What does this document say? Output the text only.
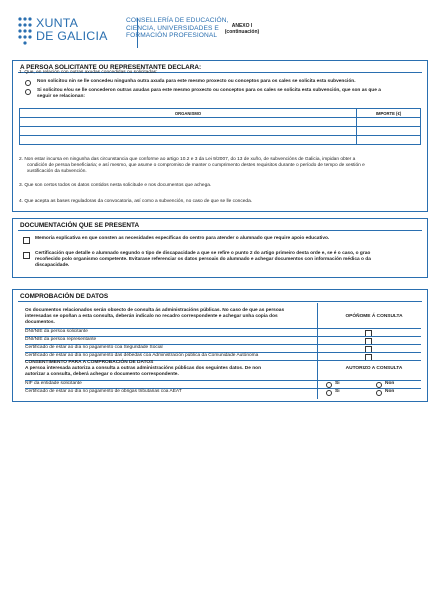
XUNTA
DE GALICIA
CONSELLERÍA DE EDUCACIÓN,
CIENCIA, UNIVERSIDADES E
FORMACIÓN PROFESIONAL
ANEXO I
(continuación)
A PERSOA SOLICITANTE OU REPRESENTANTE DECLARA:
1. Que, en relación con outras axudas concedidas ou solicitadas:
Non solicitou nin se lle concedeu ningunha outra axuda para este mesmo proxecto ou conceptos para os cales se solicita esta subvención.
Si solicitou e/ou se lle concederon outras axudas para este mesmo proxecto ou conceptos para os cales se solicita esta subvención, que son as que a
seguir se relacionan:
ORGANISMO	IMPORTE (€)

2. Non estar incursa en ningunha das circunstancia que conforme ao artigo 10.2 e 3 da Lei 9/2007, do 13 de xuño, de subvencións de Galicia, impidan obter a
condición de persoa beneficiaria; e así mesmo, que asume o compromiso de manter o cumprimento destes requisitos durante o período de tempo de xestión e
xustificación da subvención.
3. Que son certos todos os datos contidos nesta solicitude e nos documentos que achega.
4. Que acepta as bases reguladoras da convocatoria, así como a subvención, no caso de que se lle conceda.
DOCUMENTACIÓN QUE SE PRESENTA
Memoria explicativa en que consten as necesidades específicas do centro para atender o alumnado que require apoio educativo.
Certificación que detalle o alumnado segundo o tipo de discapacidade a que se refire o punto 2 do artigo primeiro desta orde e, se é o caso, o grao
recoñecido polo organismo competente. Evitarase referenciar os datos persoais do alumnado e achegar documentos con información médica o da
discapacidade.
COMPROBACIÓN DE DATOS
Os documentos relacionados serán obxecto de consulta ás administracións públicas. No caso de que as persoas
interesadas se opoñan a esta consulta, deberán indicalo no recadro correspondente e achegar unha copia dos
documentos.
OPÓÑOME Á CONSULTA
DNI/NIE da persoa solicitante
DNI/NIE da persoa representante
Certificado de estar ao día no pagamento coa Seguridade Social
Certificado de estar ao día no pagamento das débedas coa Administración pública da Comunidade Autónoma
CONSENTIMENTO PARA A COMPROBACIÓN DE DATOS
A persoa interesada autoriza a consulta a outras administracións públicas dos seguintes datos. De non
autorizar a consulta, deberá achegar o documento correspondente.
AUTORIZO A CONSULTA
NIF da entidade solicitante	Si	Non
Certificado de estar ao día no pagamento de obrigas tributarias coa AEAT	Si	Non
